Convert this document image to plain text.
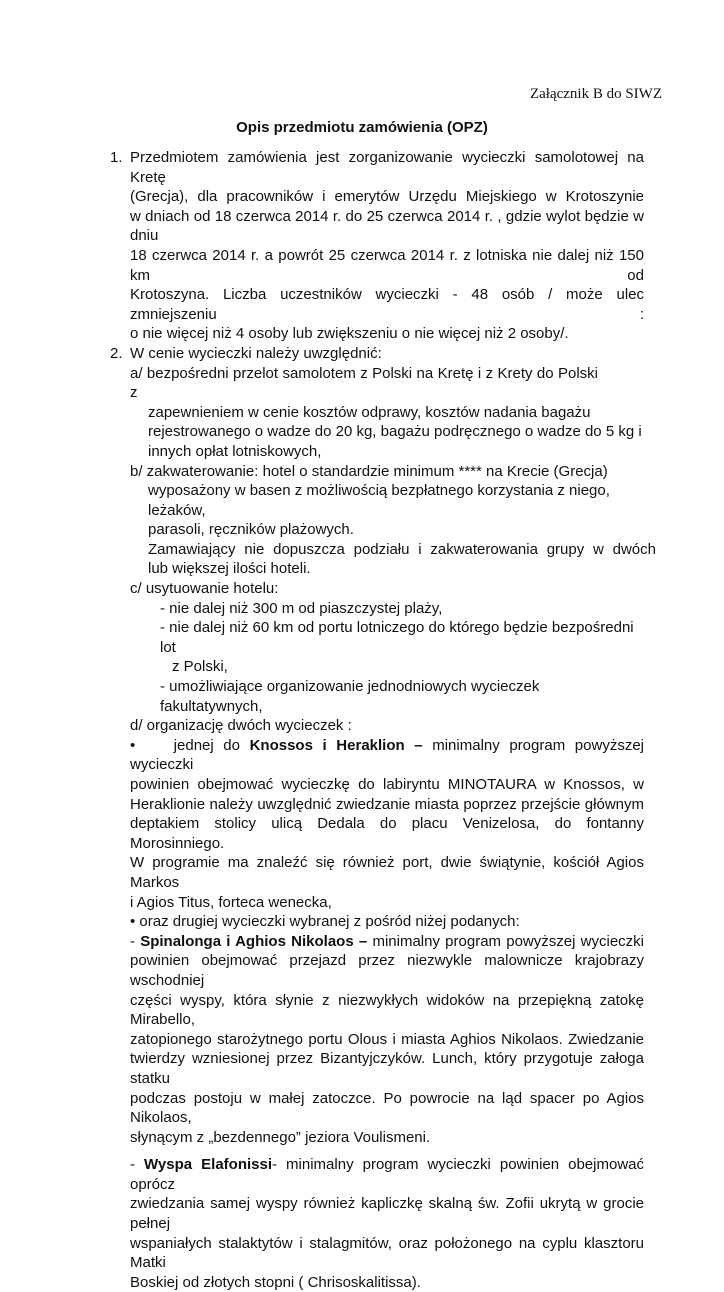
Załącznik B do SIWZ
Opis przedmiotu zamówienia (OPZ)
1. Przedmiotem zamówienia jest zorganizowanie wycieczki samolotowej na Kretę
(Grecja), dla pracowników i emerytów Urzędu Miejskiego w Krotoszynie
w dniach od 18 czerwca 2014 r. do 25 czerwca 2014 r. , gdzie wylot będzie w dniu
18 czerwca 2014 r. a powrót 25 czerwca 2014 r. z lotniska nie dalej niż 150 km od
Krotoszyna. Liczba uczestników wycieczki - 48 osób / może ulec zmniejszeniu :
o nie więcej niż 4 osoby lub zwiększeniu o nie więcej niż 2 osoby/.
2. W cenie wycieczki należy uwzględnić:
a/ bezpośredni przelot samolotem z Polski na Kretę i z Krety do Polski z
zapewnieniem w cenie kosztów odprawy, kosztów nadania bagażu
rejestrowanego o wadze do 20 kg, bagażu podręcznego o wadze do 5 kg i
innych opłat lotniskowych,
b/ zakwaterowanie: hotel o standardzie minimum **** na Krecie (Grecja)
wyposażony w basen z możliwością bezpłatnego korzystania z niego, leżaków,
parasoli, ręczników plażowych.
Zamawiający nie dopuszcza podziału i zakwaterowania grupy w dwóch
lub większej ilości hoteli.
c/ usytuowanie hotelu:
- nie dalej niż 300 m od piaszczystej plaży,
- nie dalej niż 60 km od portu lotniczego do którego będzie bezpośredni lot
z Polski,
- umożliwiające organizowanie jednodniowych wycieczek fakultatywnych,
d/ organizację dwóch wycieczek :
•	jednej do Knossos i Heraklion – minimalny program powyższej wycieczki
powinien obejmować wycieczkę do labiryntu MINOTAURA w Knossos, w
Heraklionie należy uwzględnić zwiedzanie miasta poprzez przejście głównym
deptakiem stolicy ulicą Dedala do placu Venizelosa, do fontanny Morosinniego.
W programie ma znaleźć się również port, dwie świątynie, kościół Agios Markos
i Agios Titus, forteca wenecka,
• oraz drugiej wycieczki wybranej z pośród niżej podanych:
- Spinalonga i Aghios Nikolaos – minimalny program powyższej wycieczki
powinien obejmować przejazd przez niezwykle malownicze krajobrazy wschodniej
części wyspy, która słynie z niezwykłych widoków na przepiękną zatokę Mirabello,
zatopionego starożytnego portu Olous i miasta Aghios Nikolaos. Zwiedzanie
twierdzy wzniesionej przez Bizantyjczyków. Lunch, który przygotuje załoga statku
podczas postoju w małej zatoczce. Po powrocie na ląd spacer po Agios Nikolaos,
słynącym z „bezdennego” jeziora Voulismeni.
- Wyspa Elafonissi- minimalny program wycieczki powinien obejmować oprócz
zwiedzania samej wyspy również kapliczkę skalną św. Zofii ukrytą w grocie pełnej
wspaniałych stalaktytów i stalagmitów, oraz położonego na cyplu klasztoru Matki
Boskiej od złotych stopni ( Chrisoskalitissa).
